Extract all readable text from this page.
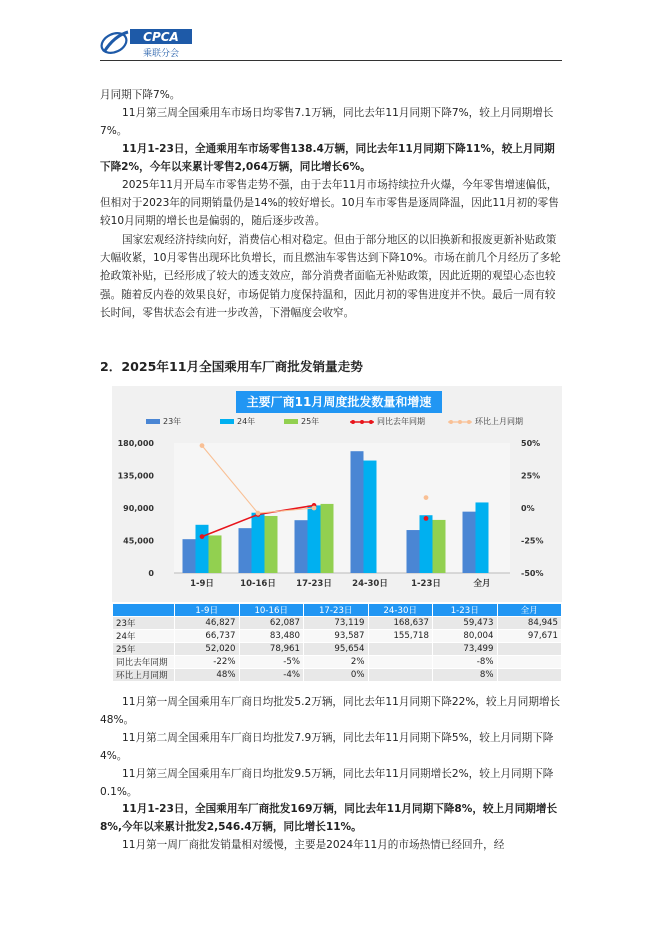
CPCA
乘联分会

月同期下降7%。

11月第三周全国乘用车市场日均零售7.1万辆，同比去年11月同期下降7%，较上月同期增长7%。

11月1-23日，全通乘用车市场零售138.4万辆，同比去年11月同期下降11%，较上月同期下降2%，今年以来累计零售2,064万辆，同比增长6%。

2025年11月开局车市零售走势不强，由于去年11月市场持续拉升火爆，今年零售增速偏低，但相对于2023年的同期销量仍是14%的较好增长。10月车市零售是逐周降温，因此11月初的零售较10月同期的增长也是偏弱的，随后逐步改善。

国家宏观经济持续向好，消费信心相对稳定。但由于部分地区的以旧换新和报废更新补贴政策大幅收紧，10月零售出现环比负增长，而且燃油车零售达到下降10%。市场在前几个月经历了多轮抢政策补贴，已经形成了较大的透支效应，部分消费者面临无补贴政策，因此近期的观望心态也较强。随着反内卷的效果良好，市场促销力度保持温和，因此月初的零售进度并不快。最后一周有较长时间，零售状态会有进一步改善，下滑幅度会收窄。

2．2025年11月全国乘用车厂商批发销量走势
主要厂商11月周度批发数量和增速
23年	24年	25年	同比去年同期	环比上月同期
0
45,000
90,000
135,000
180,000
-50%
-25%
0%
25%
50%
1-9日	10-16日 17-23日 24-30日	1-23日	全月
	1-9日	10-16日	17-23日	24-30日	1-23日	全月
23年	46,827	62,087	73,119	168,637	59,473	84,945
24年	66,737	83,480	93,587	155,718	80,004	97,671
25年	52,020	78,961	95,654		73,499	
同比去年同期	-22%	-5%	2%		-8%	
环比上月同期	48%	-4%	0%		8%	

11月第一周全国乘用车厂商日均批发5.2万辆，同比去年11月同期下降22%，较上月同期增长48%。

11月第二周全国乘用车厂商日均批发7.9万辆，同比去年11月同期下降5%，较上月同期下降4%。

11月第三周全国乘用车厂商日均批发9.5万辆，同比去年11月同期增长2%，较上月同期下降0.1%。

11月1-23日，全国乘用车厂商批发169万辆，同比去年11月同期下降8%，较上月同期增长8%,今年以来累计批发2,546.4万辆，同比增长11%。

11月第一周厂商批发销量相对缓慢，主要是2024年11月的市场热情已经回升，经
